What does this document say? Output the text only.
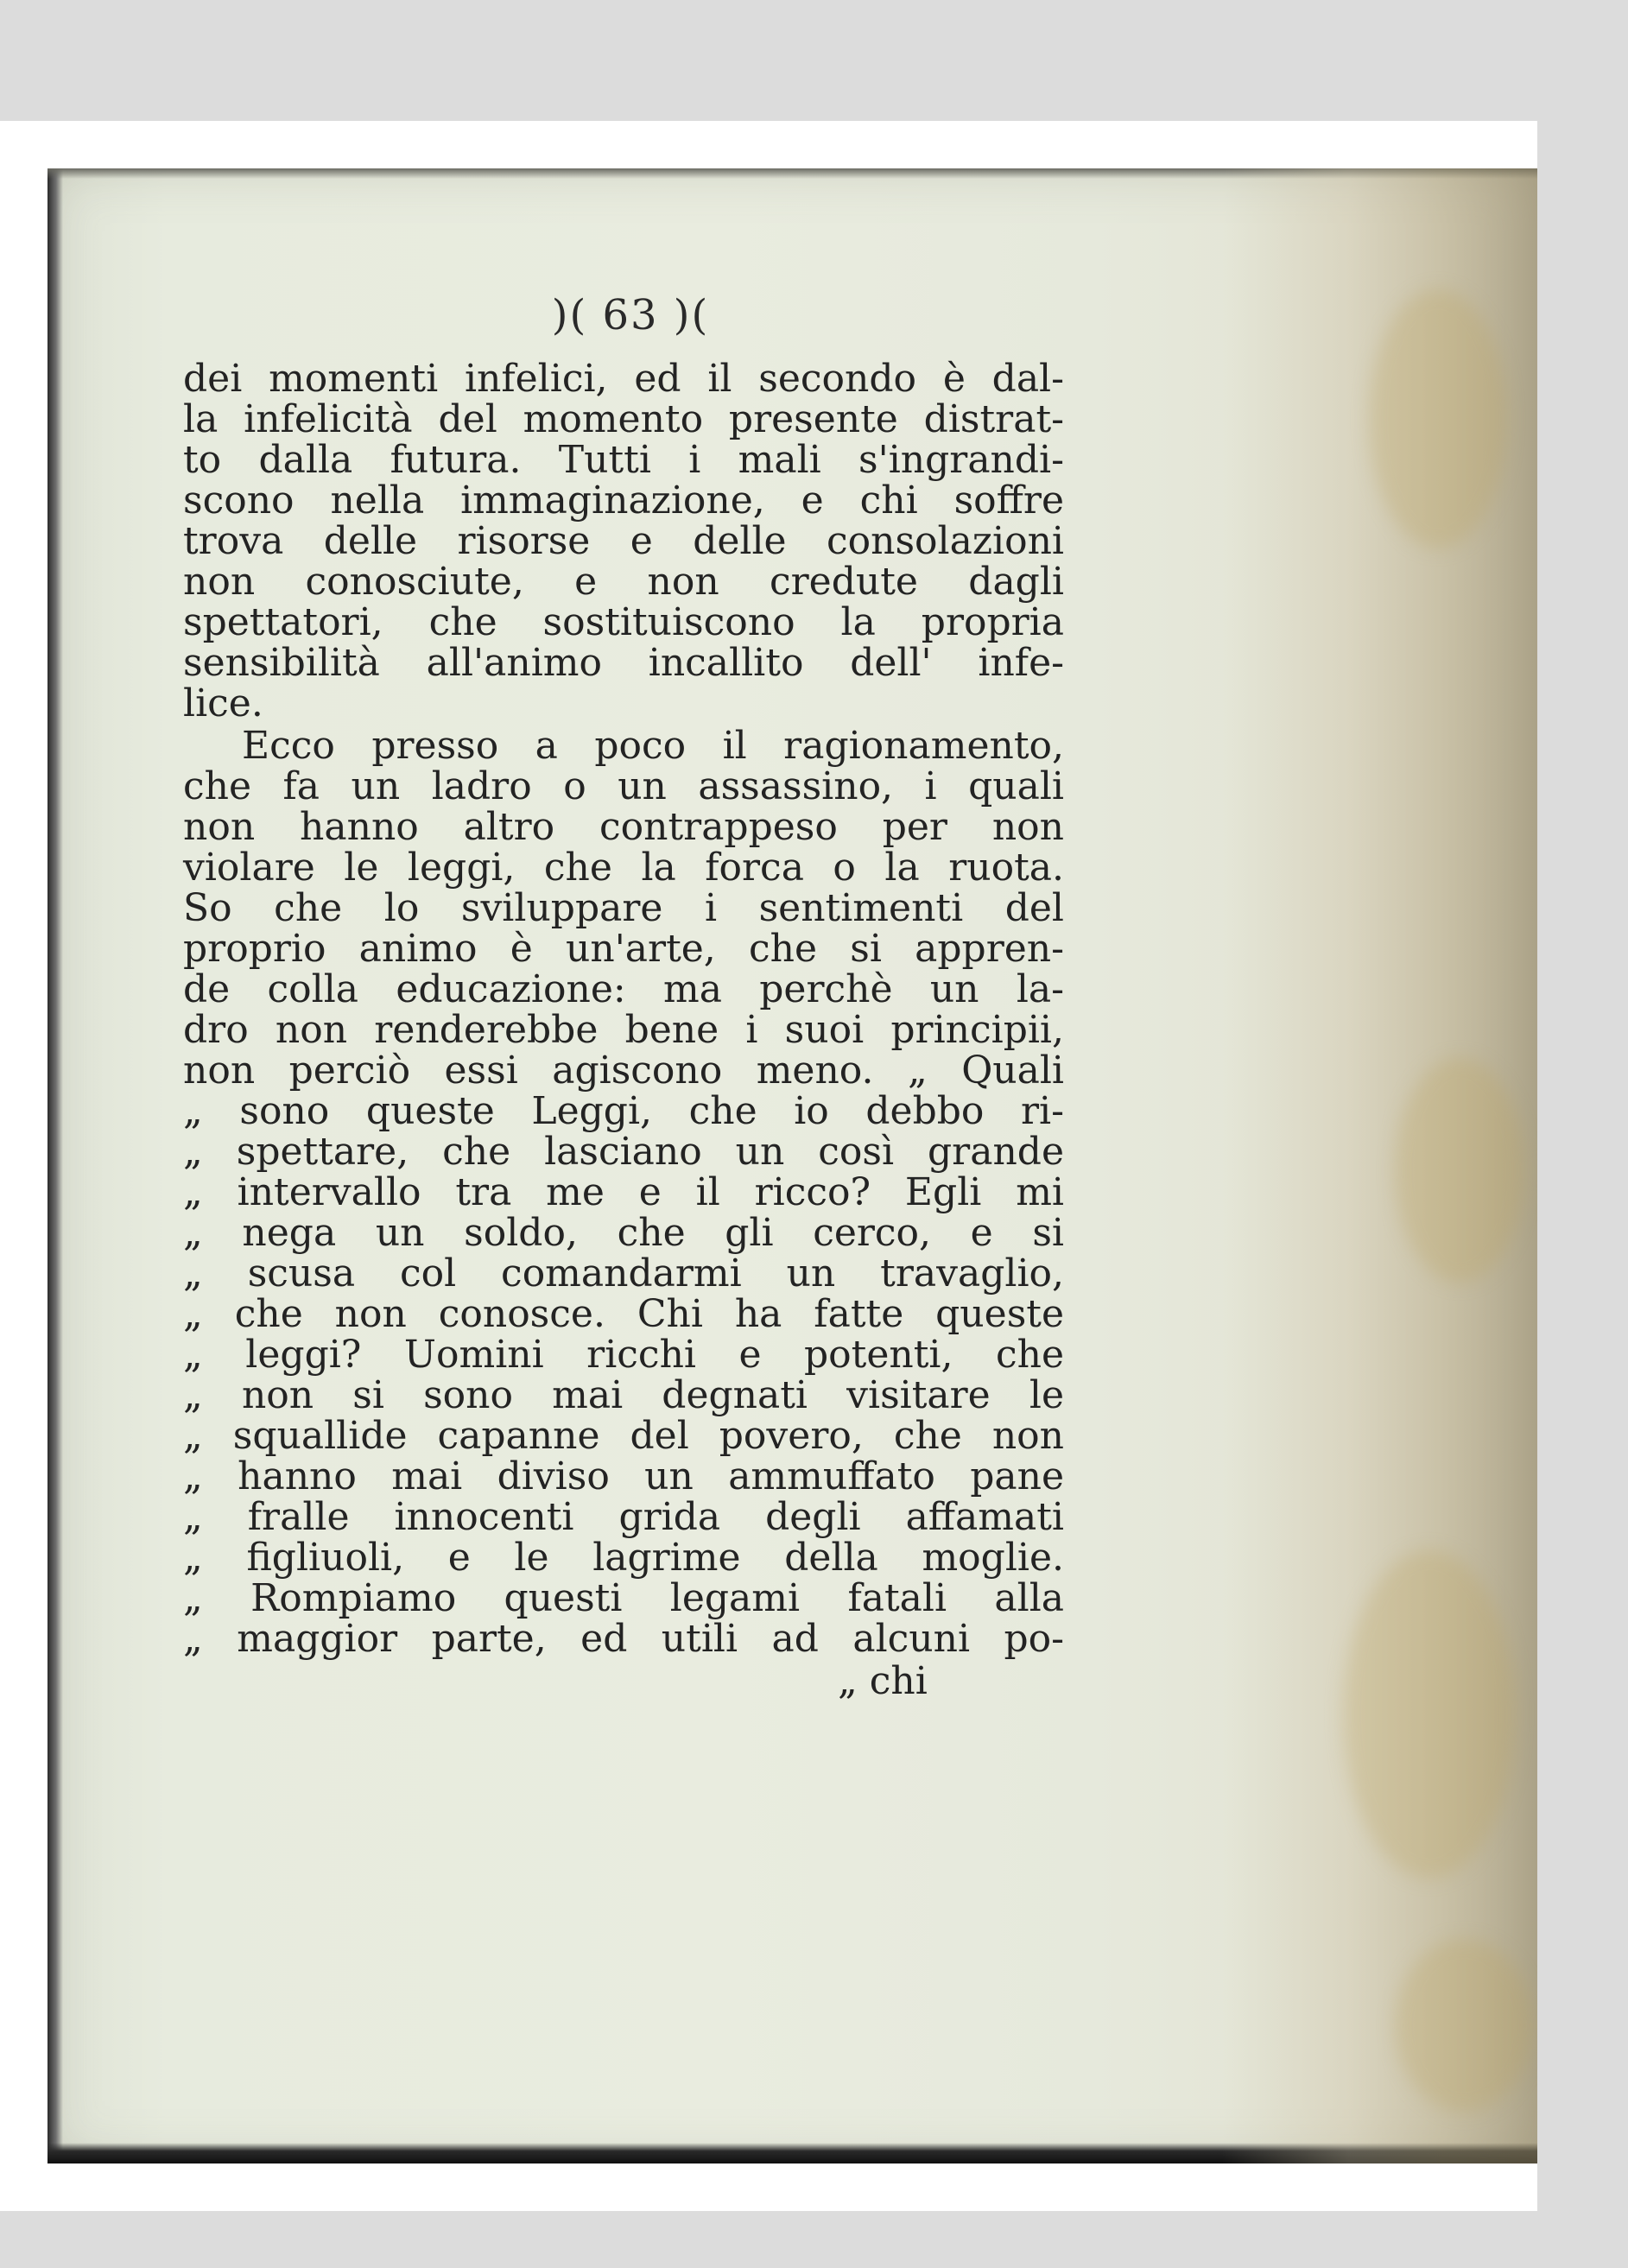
)( 63 )(
dei momenti infelici, ed il secondo è dal-
la infelicità del momento presente distrat-
to dalla futura. Tutti i mali s'ingrandi-
scono nella immaginazione, e chi soffre
trova delle risorse e delle consolazioni
non conosciute, e non credute dagli
spettatori, che sostituiscono la propria
sensibilità all'animo incallito dell' infe-
lice.
Ecco presso a poco il ragionamento,
che fa un ladro o un assassino, i quali
non hanno altro contrappeso per non
violare le leggi, che la forca o la ruota.
So che lo sviluppare i sentimenti del
proprio animo è un'arte, che si appren-
de colla educazione: ma perchè un la-
dro non renderebbe bene i suoi principii,
non perciò essi agiscono meno. „ Quali
„ sono queste Leggi, che io debbo ri-
„ spettare, che lasciano un così grande
„ intervallo tra me e il ricco? Egli mi
„ nega un soldo, che gli cerco, e si
„ scusa col comandarmi un travaglio,
„ che non conosce. Chi ha fatte queste
„ leggi? Uomini ricchi e potenti, che
„ non si sono mai degnati visitare le
„ squallide capanne del povero, che non
„ hanno mai diviso un ammuffato pane
„ fralle innocenti grida degli affamati
„ figliuoli, e le lagrime della moglie.
„ Rompiamo questi legami fatali alla
„ maggior parte, ed utili ad alcuni po-
„ chi
